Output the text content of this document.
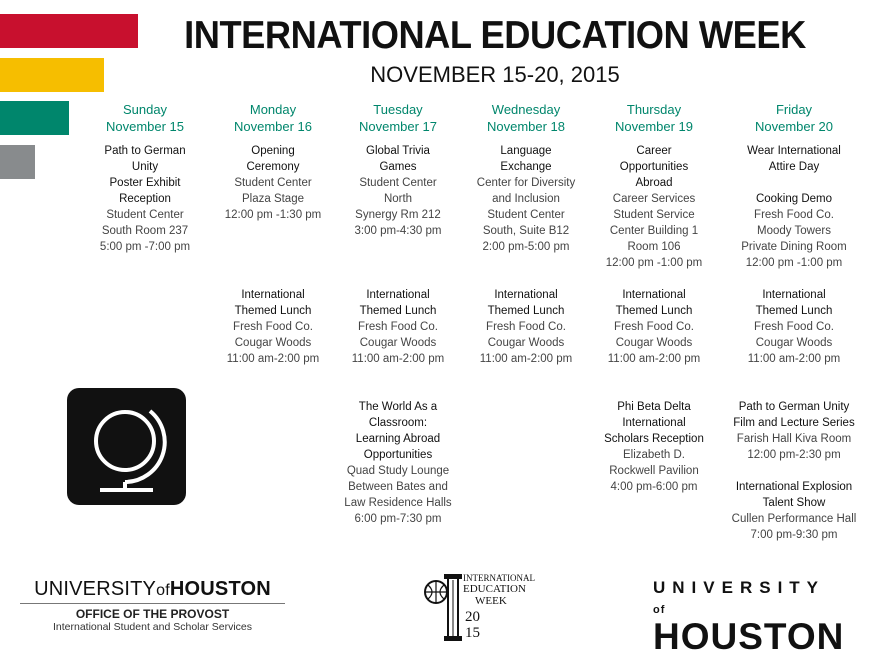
INTERNATIONAL EDUCATION WEEK
NOVEMBER 15-20, 2015
Sunday
November 15
Path to German
Unity
Poster Exhibit
Reception
Student Center
South Room 237
5:00 pm -7:00 pm
Monday
November 16
Opening
Ceremony
Student Center
Plaza Stage
12:00 pm -1:30 pm
International
Themed Lunch
Fresh Food Co.
Cougar Woods
11:00 am-2:00 pm
Tuesday
November 17
Global Trivia
Games
Student Center
North
Synergy Rm 212
3:00 pm-4:30 pm
International
Themed Lunch
Fresh Food Co.
Cougar Woods
11:00 am-2:00 pm
The World As a
Classroom:
Learning Abroad
Opportunities
Quad Study Lounge
Between Bates and
Law Residence Halls
6:00 pm-7:30 pm
Wednesday
November 18
Language
Exchange
Center for Diversity
and Inclusion
Student Center
South, Suite B12
2:00 pm-5:00 pm
International
Themed Lunch
Fresh Food Co.
Cougar Woods
11:00 am-2:00 pm
Thursday
November 19
Career
Opportunities
Abroad
Career Services
Student Service
Center Building 1
Room 106
12:00 pm -1:00 pm
International
Themed Lunch
Fresh Food Co.
Cougar Woods
11:00 am-2:00 pm
Phi Beta Delta
International
Scholars Reception
Elizabeth D.
Rockwell Pavilion
4:00 pm-6:00 pm
Friday
November 20
Wear International
Attire Day
Cooking Demo
Fresh Food Co.
Moody Towers
Private Dining Room
12:00 pm -1:00 pm
International
Themed Lunch
Fresh Food Co.
Cougar Woods
11:00 am-2:00 pm
Path to German Unity
Film and Lecture Series
Farish Hall Kiva Room
12:00 pm-2:30 pm
International Explosion
Talent Show
Cullen Performance Hall
7:00 pm-9:30 pm
UNIVERSITYofHOUSTON
OFFICE OF THE PROVOST
International Student and Scholar Services
INTERNATIONAL
EDUCATION
WEEK
20
15
UNIVERSITY of
HOUSTON
